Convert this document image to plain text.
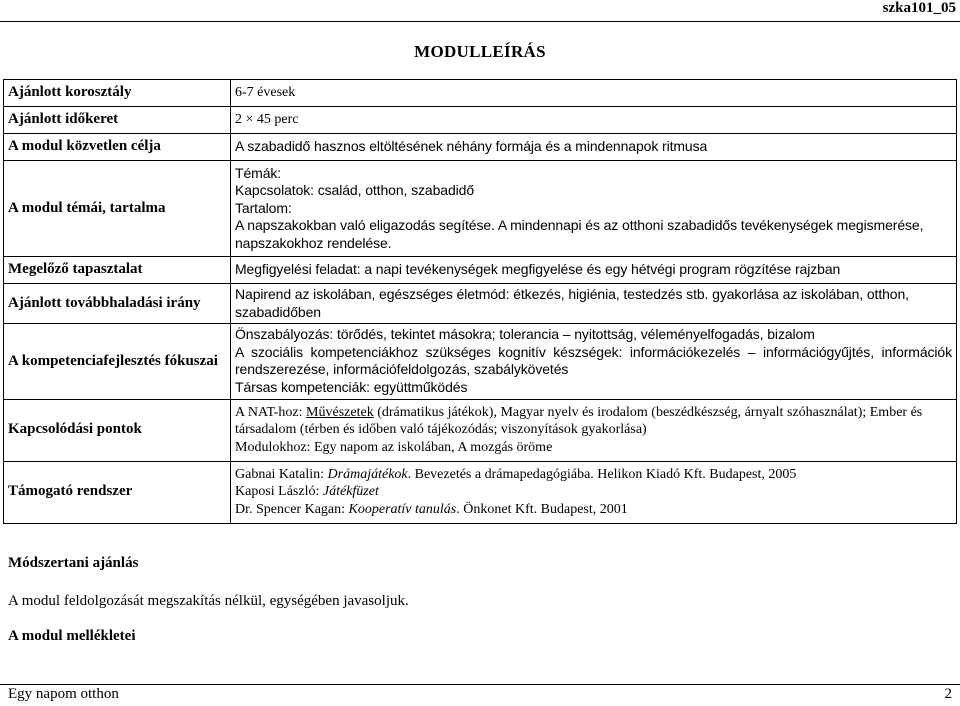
szka101_05
MODULLEÍRÁS
Ajánlott korosztály	6-7 évesek
Ajánlott időkeret	2 × 45 perc
A modul közvetlen célja	A szabadidő hasznos eltöltésének néhány formája és a mindennapok ritmusa
A modul témái, tartalma	Témák:
Kapcsolatok: család, otthon, szabadidő
Tartalom:
A napszakokban való eligazodás segítése. A mindennapi és az otthoni szabadidős tevékenységek megismerése, napszakokhoz rendelése.

Megelőző tapasztalat	Megfigyelési feladat: a napi tevékenységek megfigyelése és egy hétvégi program rögzítése rajzban
Ajánlott továbbhaladási irány	Napirend az iskolában, egészséges életmód: étkezés, higiénia, testedzés stb. gyakorlása az iskolában, otthon, szabadidőben
A kompetenciafejlesztés fókuszai	Önszabályozás: törődés, tekintet másokra; tolerancia – nyitottság, véleményelfogadás, bizalom
A szociális kompetenciákhoz szükséges kognitív készségek: információkezelés – információgyűjtés, információk rendszerezése, információfeldolgozás, szabálykövetés
Társas kompetenciák: együttműködés

Kapcsolódási pontok	A NAT-hoz: Művészetek (drámatikus játékok), Magyar nyelv és irodalom (beszédkészség, árnyalt szóhasználat); Ember és társadalom (térben és időben való tájékozódás; viszonyítások gyakorlása)
Modulokhoz: Egy napom az iskolában, A mozgás öröme

Támogató rendszer	Gabnai Katalin: Drámajátékok. Bevezetés a drámapedagógiába. Helikon Kiadó Kft. Budapest, 2005
Kaposi László: Játékfüzet
Dr. Spencer Kagan: Kooperatív tanulás. Önkonet Kft. Budapest, 2001
Módszertani ajánlás
A modul feldolgozását megszakítás nélkül, egységében javasoljuk.
A modul mellékletei
Egy napom otthon	2
